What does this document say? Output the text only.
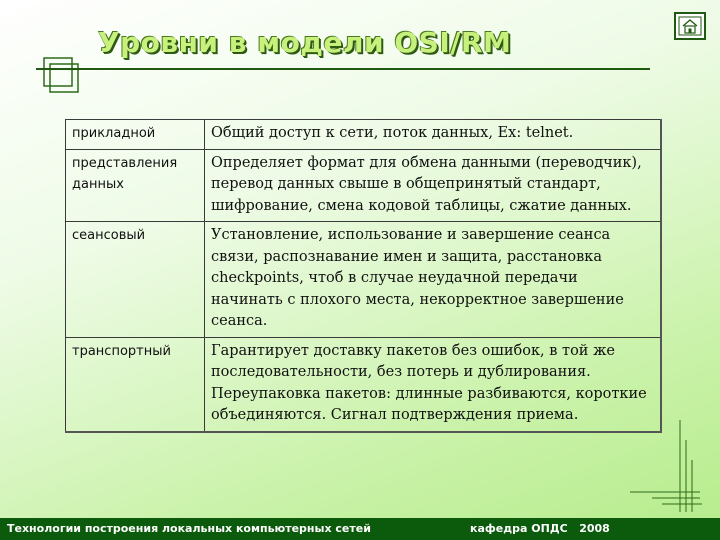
Уровни в модели OSI/RM
прикладной	Общий доступ к сети, поток данных, Ex: telnet.
представления данных	Определяет формат для обмена данными (переводчик), перевод данных свыше в общепринятый стандарт, шифрование, смена кодовой таблицы, сжатие данных.
сеансовый	Установление, использование и завершение сеанса связи, распознавание имен и защита, расстановка checkpoints, чтоб в случае неудачной передачи начинать с плохого места, некорректное завершение сеанса.
транспортный	Гарантирует доставку пакетов без ошибок, в той же последовательности, без потерь и дублирования. Переупаковка пакетов: длинные разбиваются, короткие объединяются. Сигнал подтверждения приема.
Технологии построения локальных компьютерных сетей	кафедра ОПДС   2008
